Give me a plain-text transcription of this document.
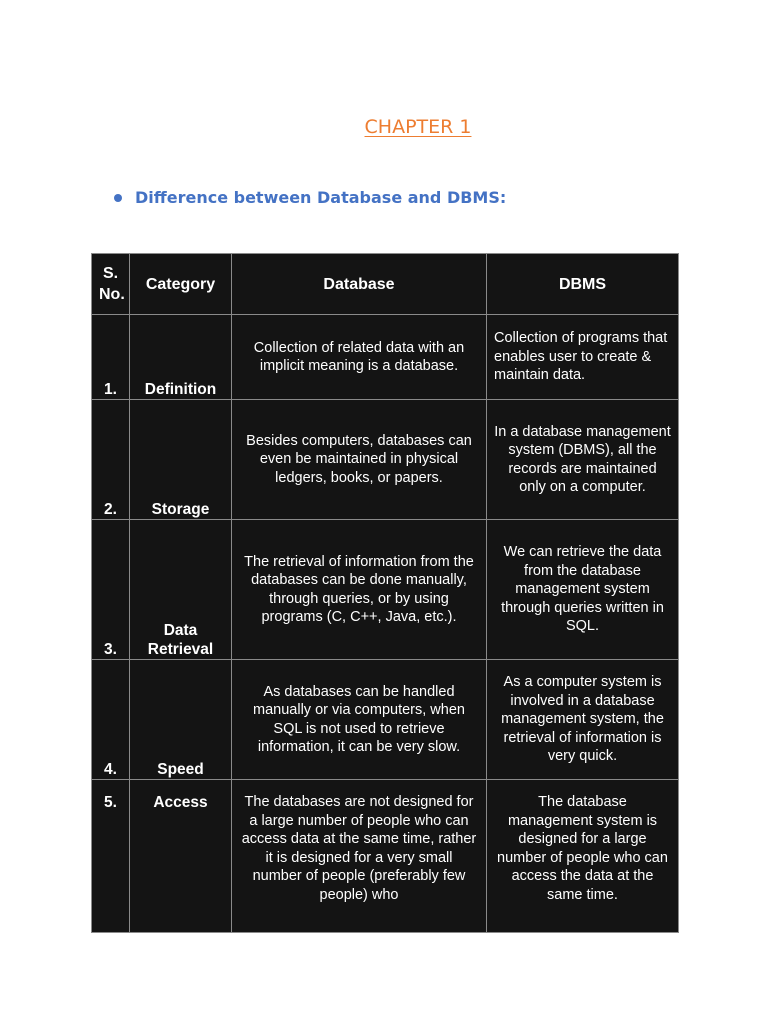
CHAPTER 1
Difference between Database and DBMS:
S. No.	Category	Database	DBMS
1.	Definition	Collection of related data with an implicit meaning is a database.	Collection of programs that enables user to create & maintain data.
2.	Storage	Besides computers, databases can even be maintained in physical ledgers, books, or papers.	In a database management system (DBMS), all the records are maintained only on a computer.
3.	Data Retrieval	The retrieval of information from the databases can be done manually, through queries, or by using programs (C, C++, Java, etc.).	We can retrieve the data from the database management system through queries written in SQL.
4.	Speed	As databases can be handled manually or via computers, when SQL is not used to retrieve information, it can be very slow.	As a computer system is involved in a database management system, the retrieval of information is very quick.
5.	Access	The databases are not designed for a large number of people who can access data at the same time, rather it is designed for a very small number of people (preferably few people) who	The database management system is designed for a large number of people who can access the data at the same time.
